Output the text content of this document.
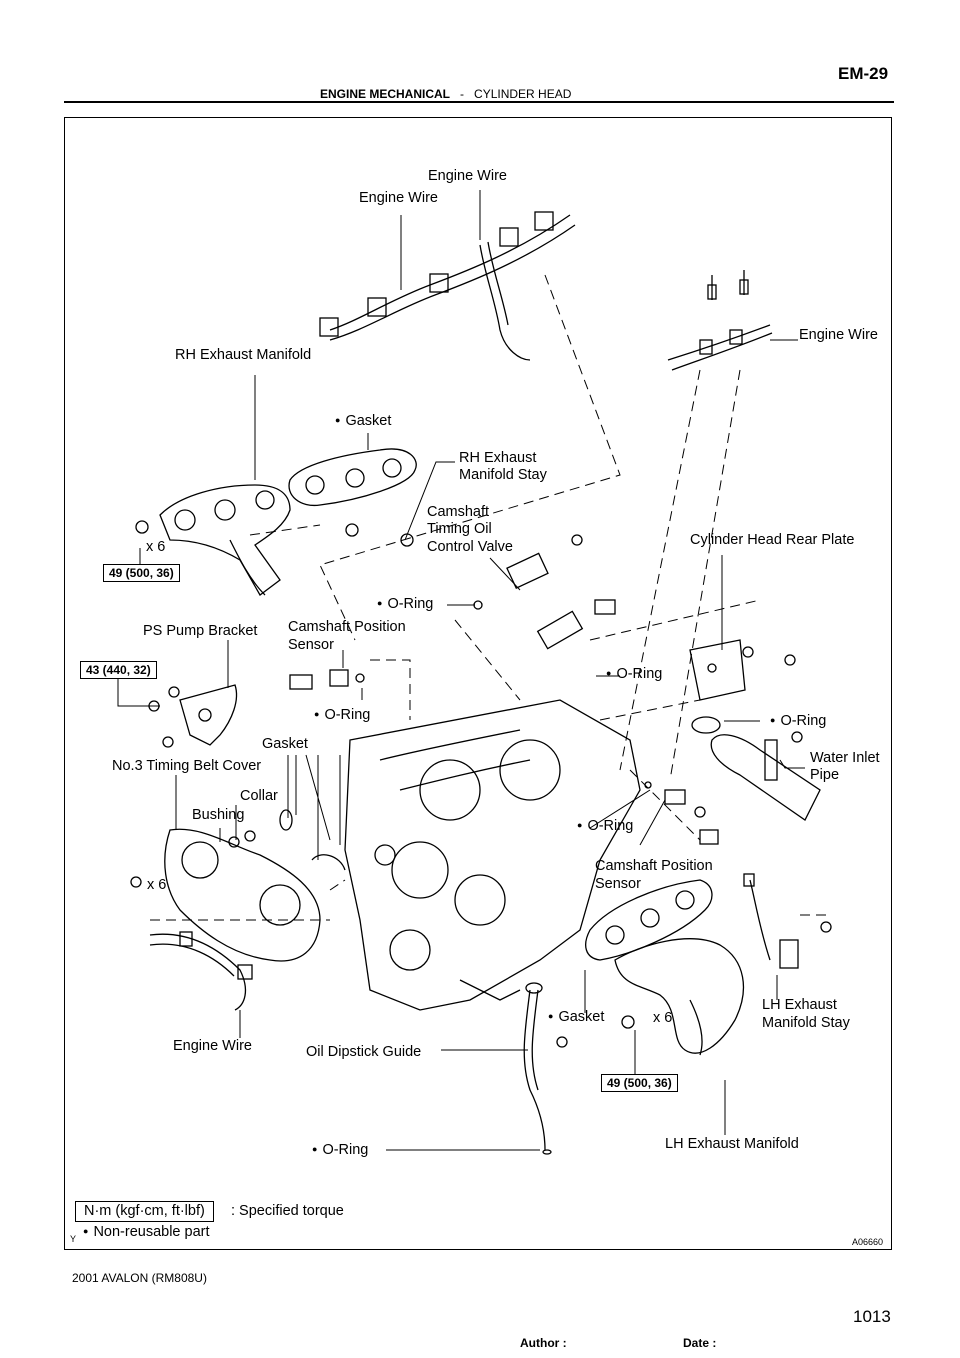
EM-29
ENGINE MECHANICAL - CYLINDER HEAD
Engine Wire
Engine Wire
Engine Wire
RH Exhaust Manifold
● Gasket
RH Exhaust
Manifold Stay
Camshaft
Timing Oil
Control Valve
x 6	Cylinder Head Rear Plate
49 (500, 36)
● O-Ring
PS Pump Bracket Camshaft Position
Sensor
43 (440, 32)	● O-Ring
● O-Ring	● O-Ring
Gasket
Water Inlet
Pipe
No.3 Timing Belt Cover
Collar
Bushing
● O-Ring
Camshaft Position
Sensor
x 6
LH Exhaust
Manifold Stay
● Gasket	x 6
Engine Wire	Oil Dipstick Guide
49 (500, 36)
● O-Ring	LH Exhaust Manifold
N·m (kgf·cm, ft·lbf)	: Specified torque
● Non-reusable part
Y	A06660
2001 AVALON (RM808U)
Author :	Date :
1013
